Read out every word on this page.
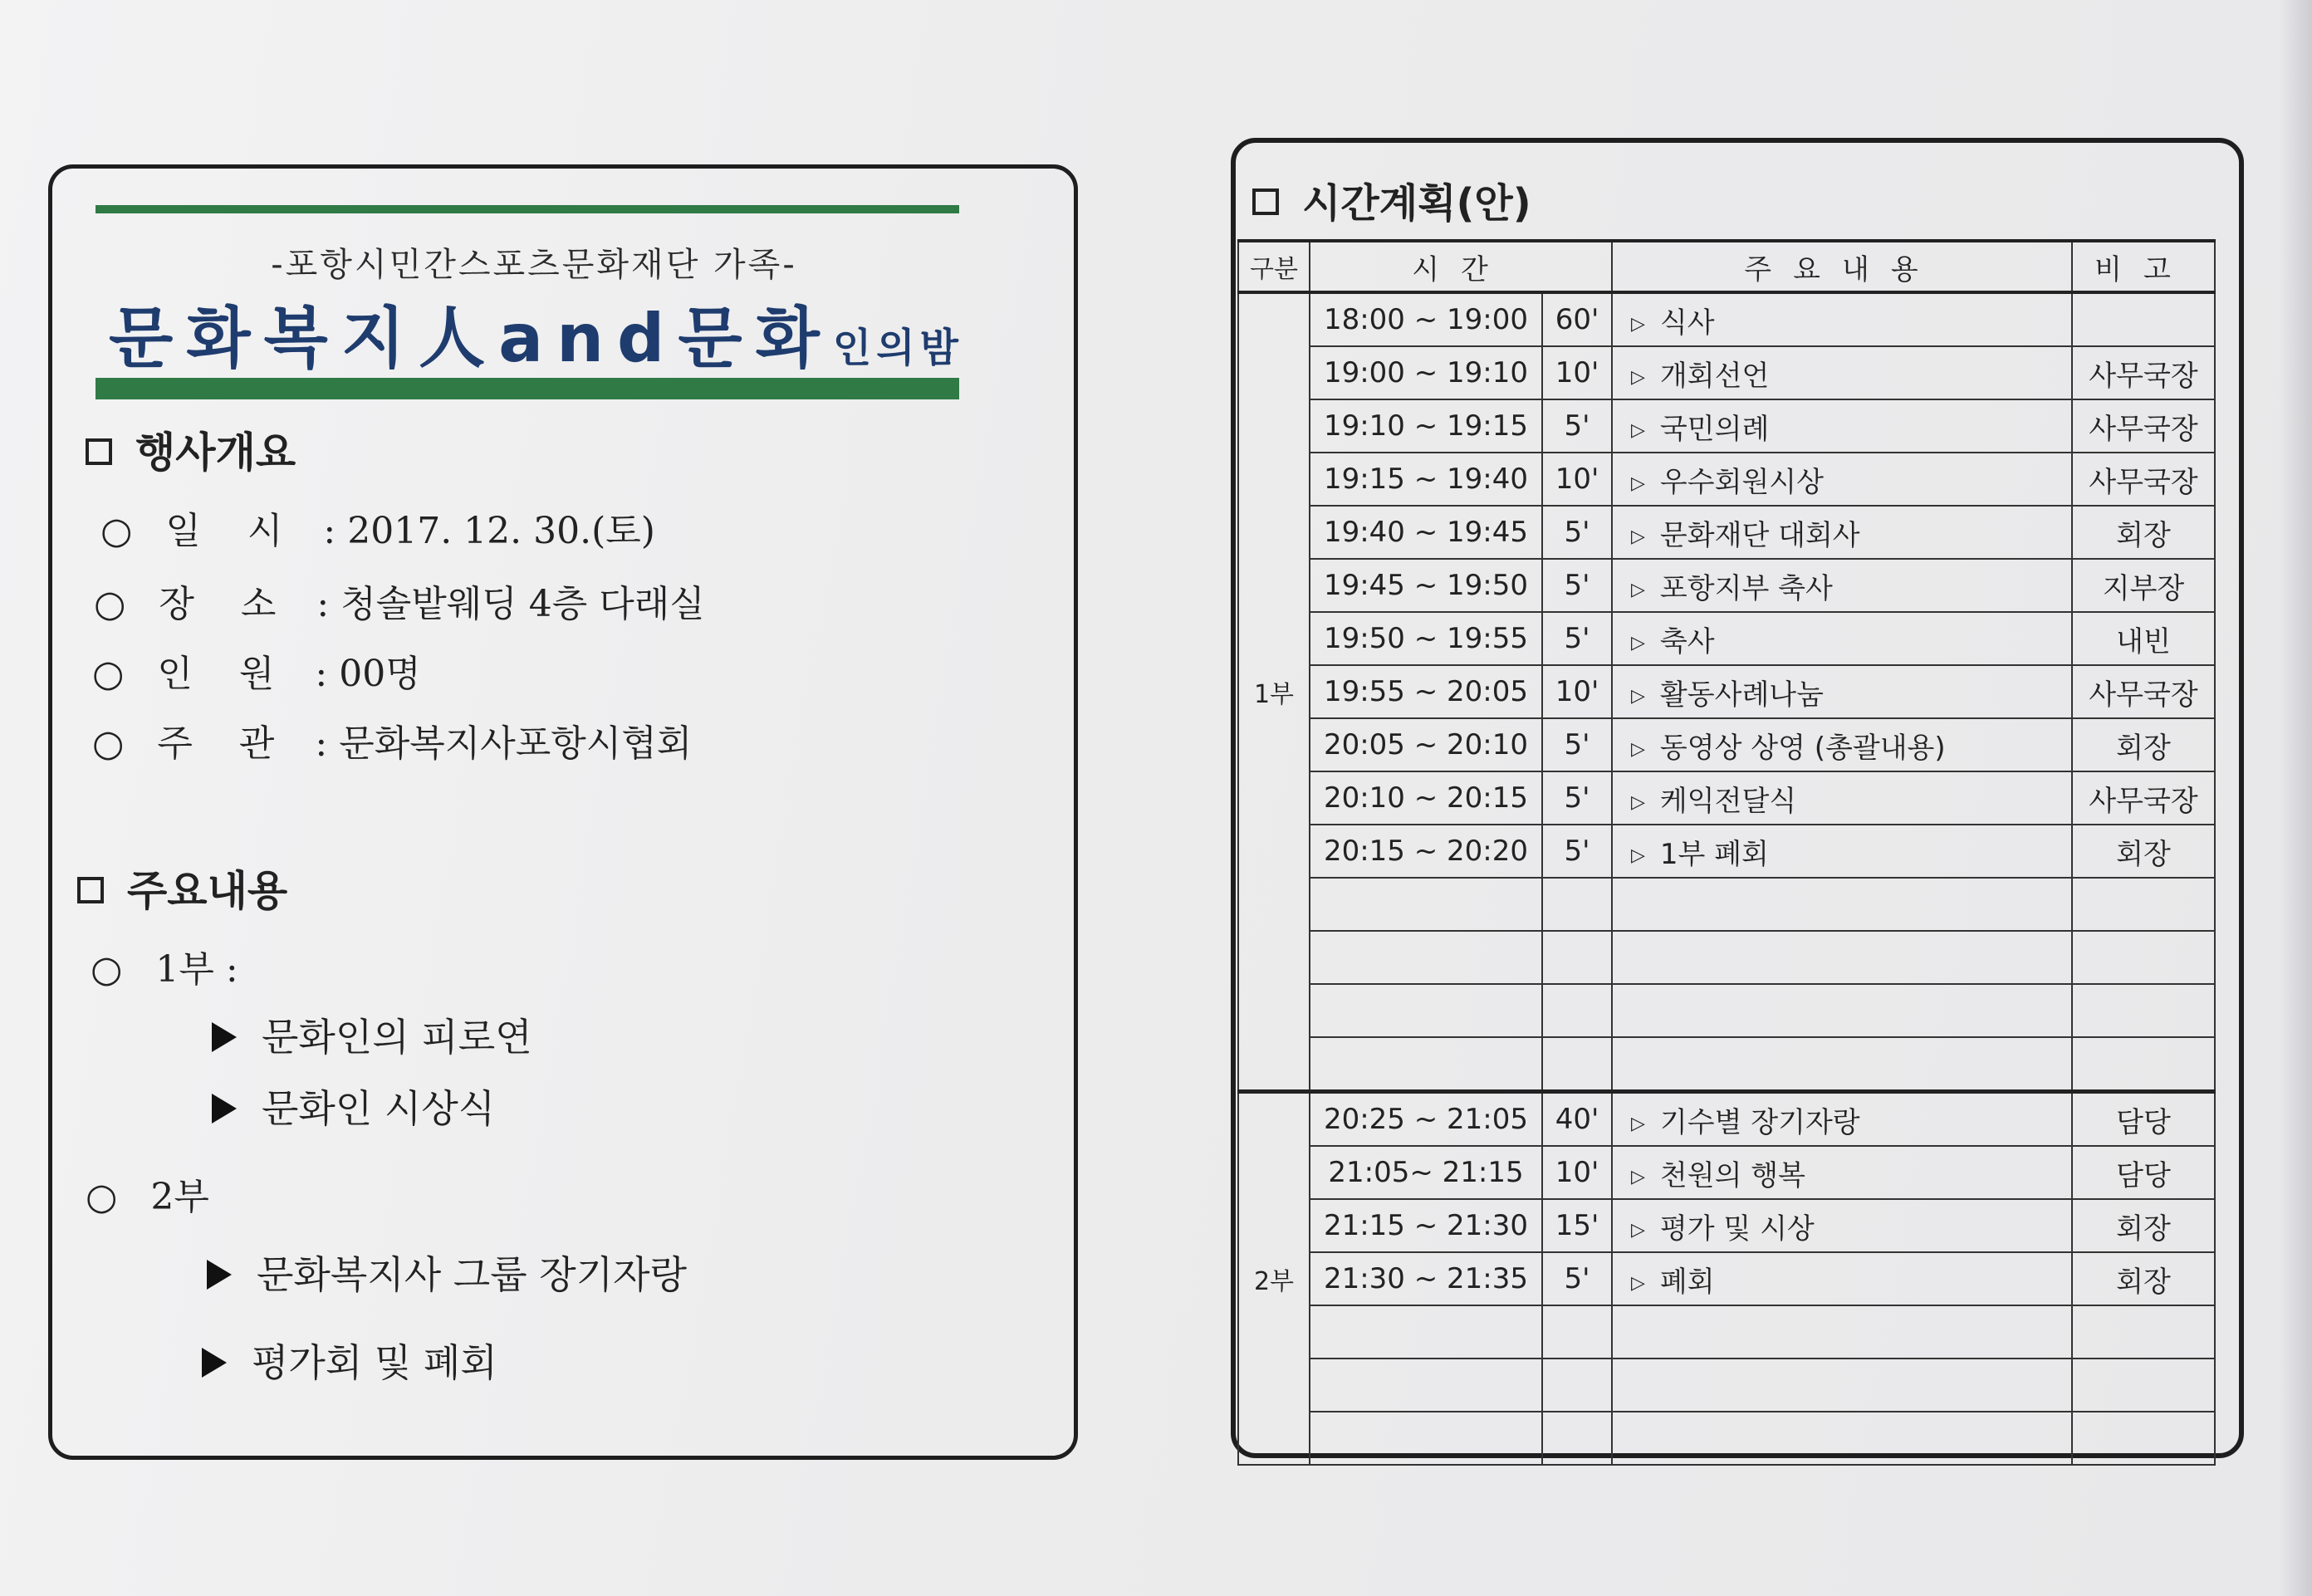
-포항시민간스포츠문화재단 가족-
문화복지人and문화인의밤
행사개요
○ 일    시 : 2017. 12. 30.(토)
○ 장    소 : 청솔밭웨딩 4층 다래실
○ 인    원 : 00명
○ 주    관 : 문화복지사포항시협회
주요내용
○ 1부 :
문화인의 피로연
문화인 시상식
○ 2부
문화복지사 그룹 장기자랑
평가회 및 폐회
시간계획(안)
구분	시간		주요내용	비고
1부	18:00 ~ 19:00	60'	▷ 식사	
	19:00 ~ 19:10	10'	▷ 개회선언	사무국장
	19:10 ~ 19:15	5'	▷ 국민의례	사무국장
	19:15 ~ 19:40	10'	▷ 우수회원시상	사무국장
	19:40 ~ 19:45	5'	▷ 문화재단 대회사	회장
	19:45 ~ 19:50	5'	▷ 포항지부 축사	지부장
	19:50 ~ 19:55	5'	▷ 축사	내빈
	19:55 ~ 20:05	10'	▷ 활동사례나눔	사무국장
	20:05 ~ 20:10	5'	▷ 동영상 상영 (총괄내용)	회장
	20:10 ~ 20:15	5'	▷ 케익전달식	사무국장
	20:15 ~ 20:20	5'	▷ 1부 폐회	회장

2부	20:25 ~ 21:05	40'	▷ 기수별 장기자랑	담당
	21:05~ 21:15	10'	▷ 천원의 행복	담당
	21:15 ~ 21:30	15'	▷ 평가 및 시상	회장
	21:30 ~ 21:35	5'	▷ 폐회	회장
